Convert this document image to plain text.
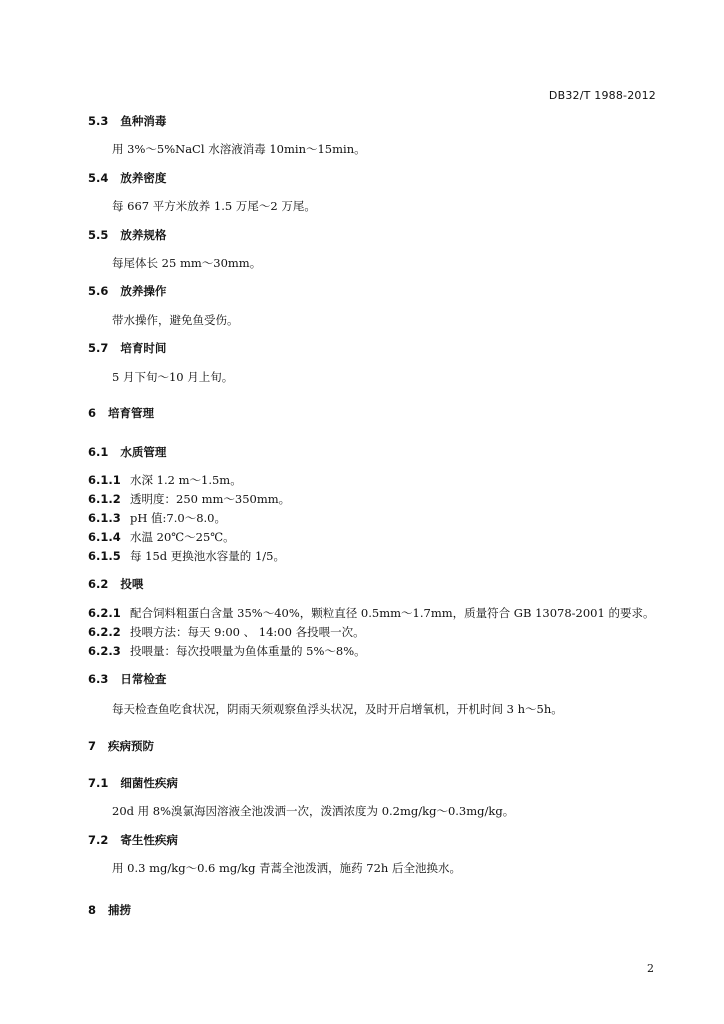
DB32/T 1988-2012
5.3 鱼种消毒
用 3%～5%NaCl 水溶液消毒 10min～15min。
5.4 放养密度
每 667 平方米放养 1.5 万尾～2 万尾。
5.5 放养规格
每尾体长 25 mm～30mm。
5.6 放养操作
带水操作，避免鱼受伤。
5.7 培育时间
5 月下旬～10 月上旬。
6 培育管理
6.1 水质管理
6.1.1 水深 1.2 m～1.5m。
6.1.2 透明度：250 mm～350mm。
6.1.3 pH 值:7.0～8.0。
6.1.4 水温 20℃～25℃。
6.1.5 每 15d 更换池水容量的 1/5。
6.2 投喂
6.2.1 配合饲料粗蛋白含量 35%～40%，颗粒直径 0.5mm～1.7mm，质量符合 GB 13078-2001 的要求。
6.2.2 投喂方法：每天 9:00 、 14:00 各投喂一次。
6.2.3 投喂量：每次投喂量为鱼体重量的 5%～8%。
6.3 日常检查
每天检查鱼吃食状况，阴雨天须观察鱼浮头状况，及时开启增氧机，开机时间 3 h～5h。
7 疾病预防
7.1 细菌性疾病
20d 用 8%溴氯海因溶液全池泼洒一次，泼洒浓度为 0.2mg/kg～0.3mg/kg。
7.2 寄生性疾病
用 0.3 mg/kg～0.6 mg/kg 青蒿全池泼洒，施药 72h 后全池换水。
8 捕捞
2
